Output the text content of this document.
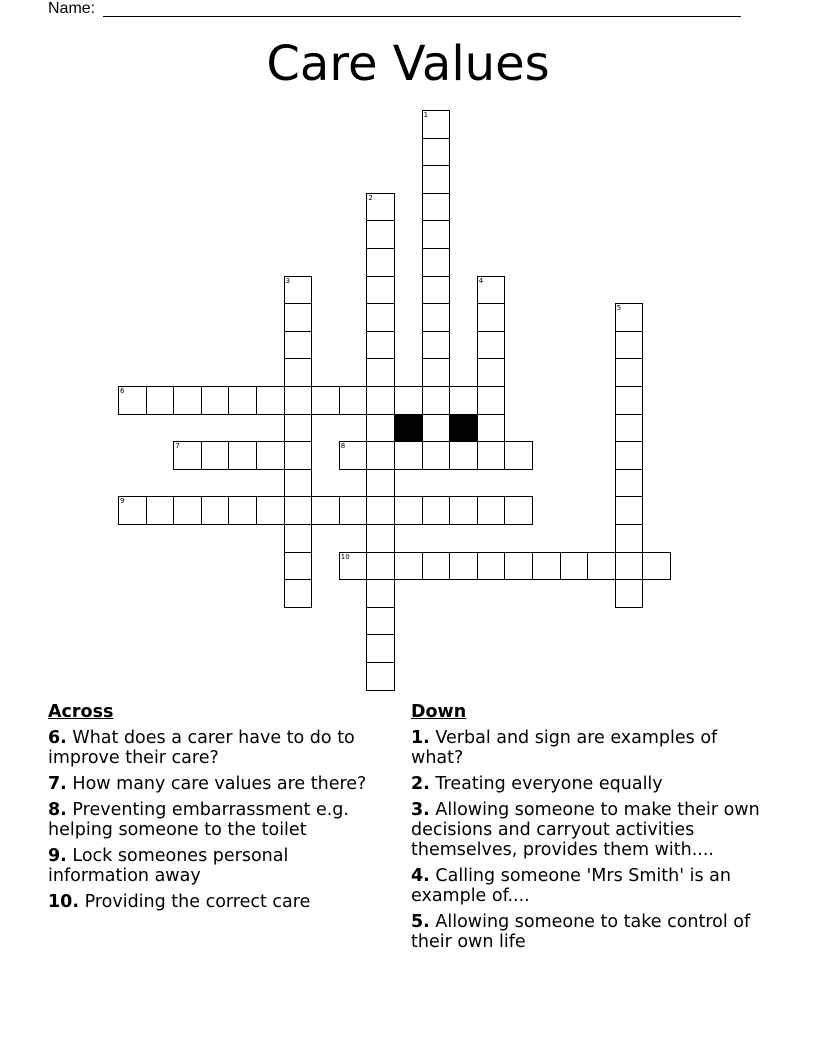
Name:
Care Values
1
2
3	4
5
6
7	8
9
10
Across
6. What does a carer have to do to improve their care?
7. How many care values are there?
8. Preventing embarrassment e.g. helping someone to the toilet
9. Lock someones personal information away
10. Providing the correct care
Down
1. Verbal and sign are examples of what?
2. Treating everyone equally
3. Allowing someone to make their own decisions and carryout activities themselves, provides them with....
4. Calling someone 'Mrs Smith' is an example of....
5. Allowing someone to take control of their own life
